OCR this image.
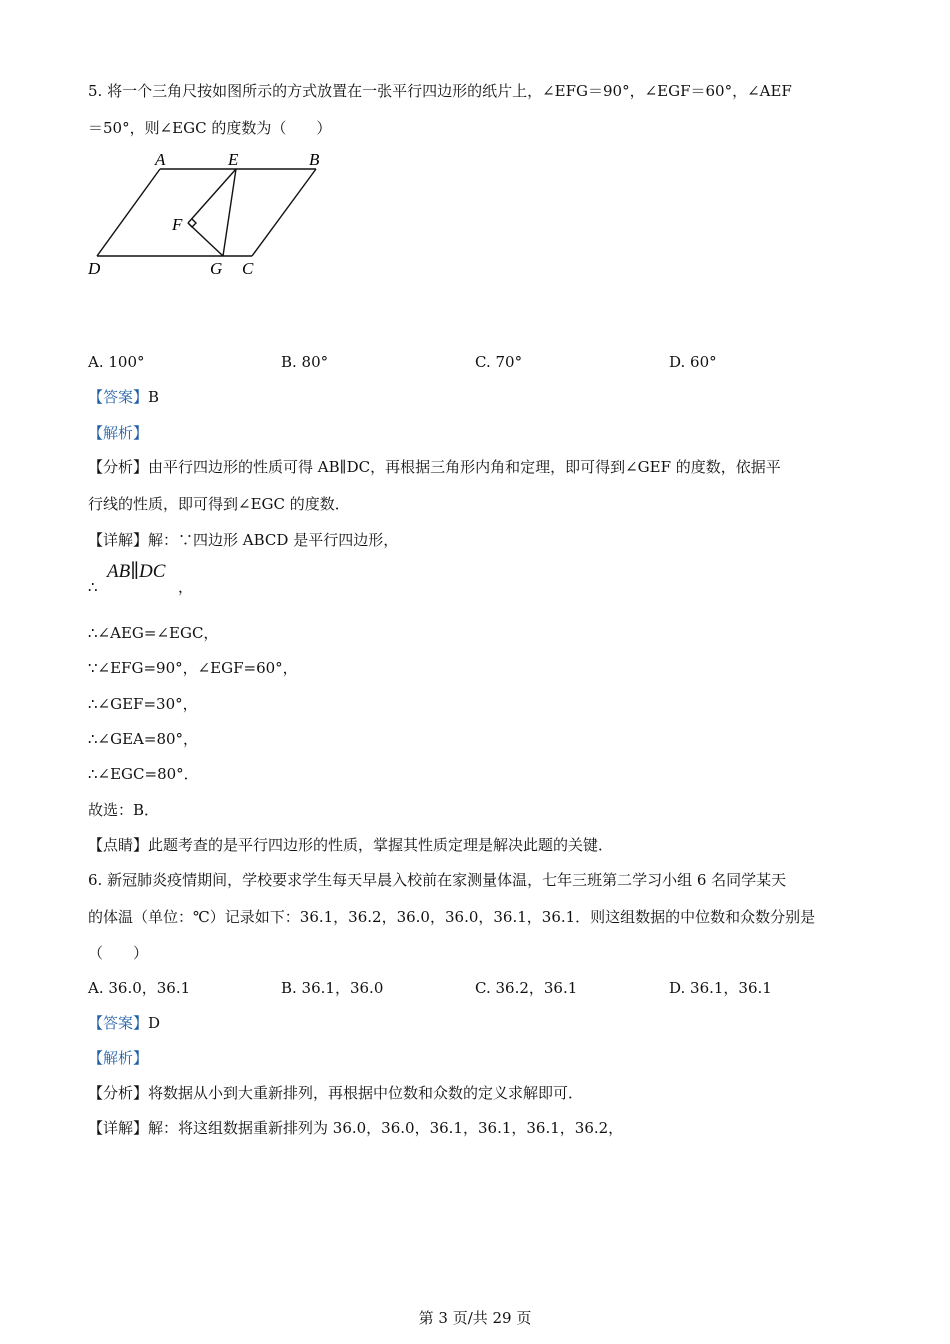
5. 将一个三角尺按如图所示的方式放置在一张平行四边形的纸片上，∠EFG＝90°，∠EGF＝60°，∠AEF
＝50°，则∠EGC 的度数为（　　）
A	E	B
F
D	G C
A. 100°	B. 80°	C. 70°	D. 60°
【答案】B
【解析】
【分析】由平行四边形的性质可得 AB∥DC，再根据三角形内角和定理，即可得到∠GEF 的度数，依据平
行线的性质，即可得到∠EGC 的度数．
【详解】解：∵四边形 ABCD 是平行四边形，
∴
AB∥DC
，
∴∠AEG=∠EGC，
∵∠EFG=90°，∠EGF=60°，
∴∠GEF=30°，
∴∠GEA=80°，
∴∠EGC=80°．
故选：B．
【点睛】此题考查的是平行四边形的性质，掌握其性质定理是解决此题的关键．
6. 新冠肺炎疫情期间，学校要求学生每天早晨入校前在家测量体温，七年三班第二学习小组 6 名同学某天
的体温（单位：℃）记录如下：36.1，36.2，36.0，36.0，36.1，36.1．则这组数据的中位数和众数分别是
（　　）
A. 36.0，36.1	B. 36.1，36.0	C. 36.2，36.1	D. 36.1，36.1
【答案】D
【解析】
【分析】将数据从小到大重新排列，再根据中位数和众数的定义求解即可．
【详解】解：将这组数据重新排列为 36.0，36.0，36.1，36.1，36.1，36.2，
第 3 页/共 29 页
